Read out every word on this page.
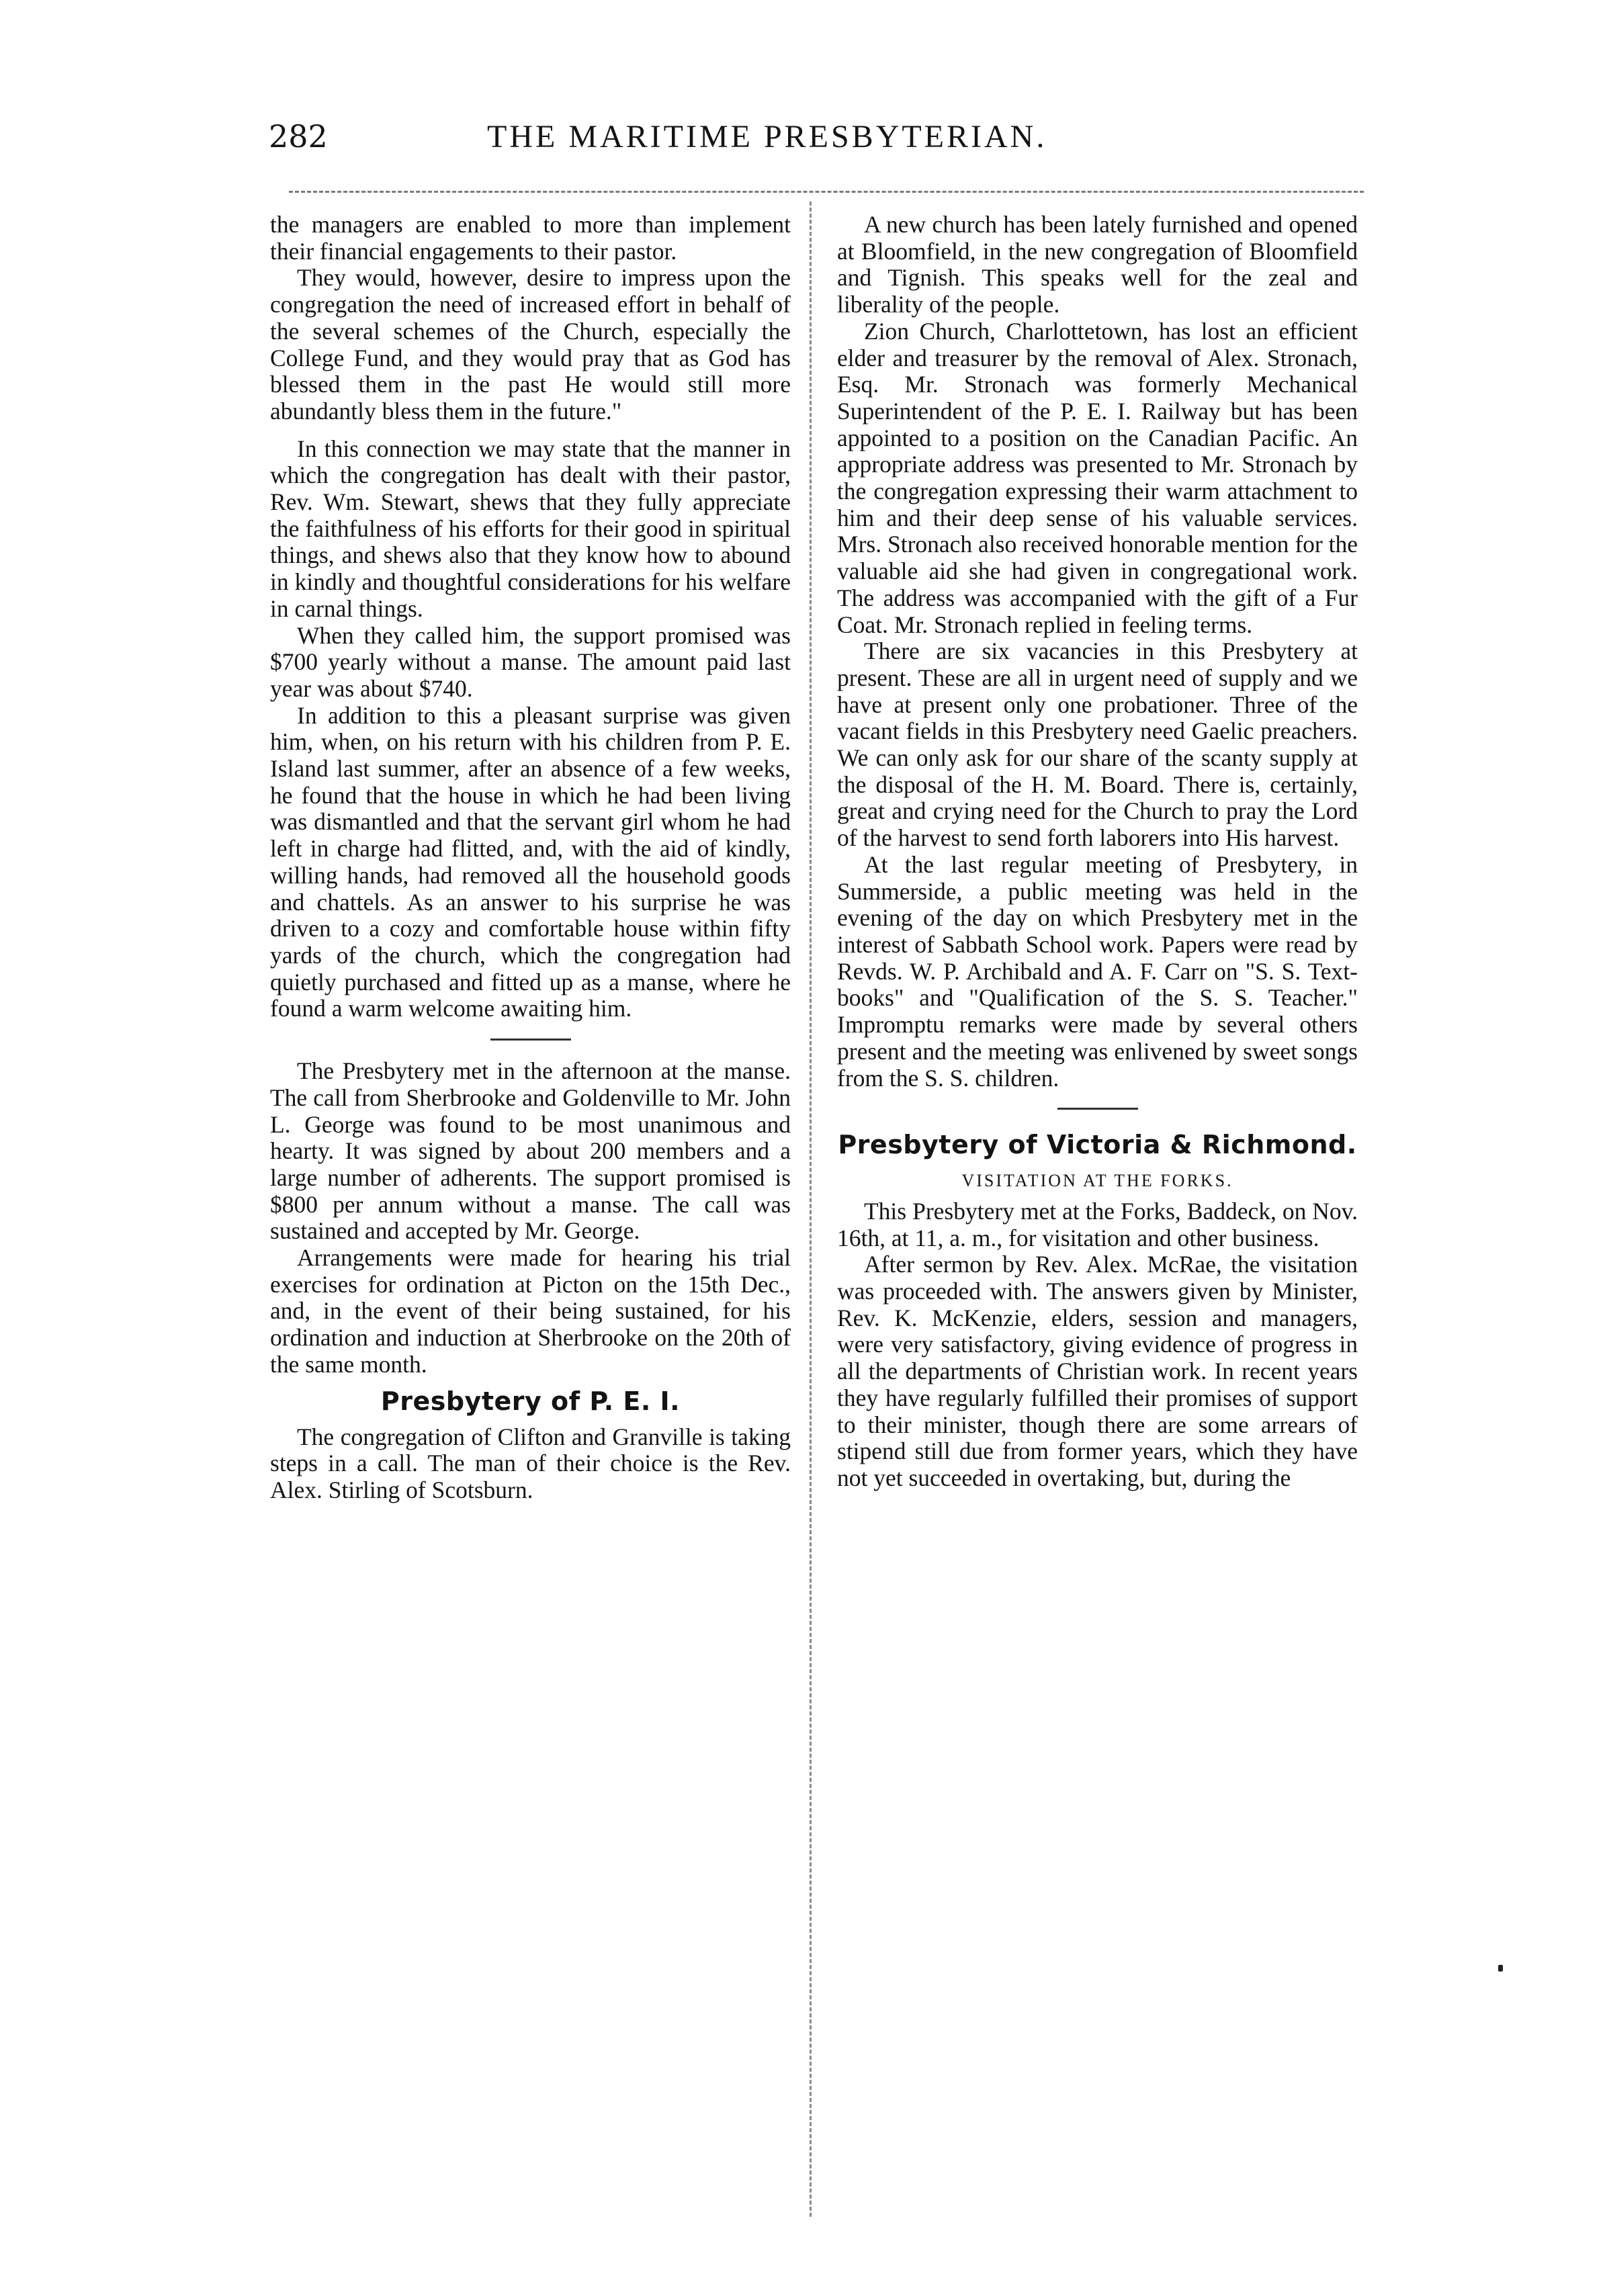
282	THE MARITIME PRESBYTERIAN.

the managers are enabled to more than implement their financial engagements to their pastor.

They would, however, desire to impress upon the congregation the need of increased effort in behalf of the several schemes of the Church, especially the College Fund, and they would pray that as God has blessed them in the past He would still more abundantly bless them in the future."

In this connection we may state that the manner in which the congregation has dealt with their pastor, Rev. Wm. Stewart, shews that they fully appreciate the faithfulness of his efforts for their good in spiritual things, and shews also that they know how to abound in kindly and thoughtful considerations for his welfare in carnal things.

When they called him, the support promised was $700 yearly without a manse. The amount paid last year was about $740.

In addition to this a pleasant surprise was given him, when, on his return with his children from P. E. Island last summer, after an absence of a few weeks, he found that the house in which he had been living was dismantled and that the servant girl whom he had left in charge had flitted, and, with the aid of kindly, willing hands, had removed all the household goods and chattels. As an answer to his surprise he was driven to a cozy and comfortable house within fifty yards of the church, which the congregation had quietly purchased and fitted up as a manse, where he found a warm welcome awaiting him.

The Presbytery met in the afternoon at the manse. The call from Sherbrooke and Goldenville to Mr. John L. George was found to be most unanimous and hearty. It was signed by about 200 members and a large number of adherents. The support promised is $800 per annum without a manse. The call was sustained and accepted by Mr. George.

Arrangements were made for hearing his trial exercises for ordination at Picton on the 15th Dec., and, in the event of their being sustained, for his ordination and induction at Sherbrooke on the 20th of the same month.

Presbytery of P. E. I.

The congregation of Clifton and Granville is taking steps in a call. The man of their choice is the Rev. Alex. Stirling of Scotsburn.

A new church has been lately furnished and opened at Bloomfield, in the new congregation of Bloomfield and Tignish. This speaks well for the zeal and liberality of the people.

Zion Church, Charlottetown, has lost an efficient elder and treasurer by the removal of Alex. Stronach, Esq. Mr. Stronach was formerly Mechanical Superintendent of the P. E. I. Railway but has been appointed to a position on the Canadian Pacific. An appropriate address was presented to Mr. Stronach by the congregation expressing their warm attachment to him and their deep sense of his valuable services. Mrs. Stronach also received honorable mention for the valuable aid she had given in congregational work. The address was accompanied with the gift of a Fur Coat. Mr. Stronach replied in feeling terms.

There are six vacancies in this Presbytery at present. These are all in urgent need of supply and we have at present only one probationer. Three of the vacant fields in this Presbytery need Gaelic preachers. We can only ask for our share of the scanty supply at the disposal of the H. M. Board. There is, certainly, great and crying need for the Church to pray the Lord of the harvest to send forth laborers into His harvest.

At the last regular meeting of Presbytery, in Summerside, a public meeting was held in the evening of the day on which Presbytery met in the interest of Sabbath School work. Papers were read by Revds. W. P. Archibald and A. F. Carr on "S. S. Text-books" and "Qualification of the S. S. Teacher." Impromptu remarks were made by several others present and the meeting was enlivened by sweet songs from the S. S. children.

Presbytery of Victoria & Richmond.
VISITATION AT THE FORKS.

This Presbytery met at the Forks, Baddeck, on Nov. 16th, at 11, a. m., for visitation and other business.

After sermon by Rev. Alex. McRae, the visitation was proceeded with. The answers given by Minister, Rev. K. McKenzie, elders, session and managers, were very satisfactory, giving evidence of progress in all the departments of Christian work. In recent years they have regularly fulfilled their promises of support to their minister, though there are some arrears of stipend still due from former years, which they have not yet succeeded in overtaking, but, during the
